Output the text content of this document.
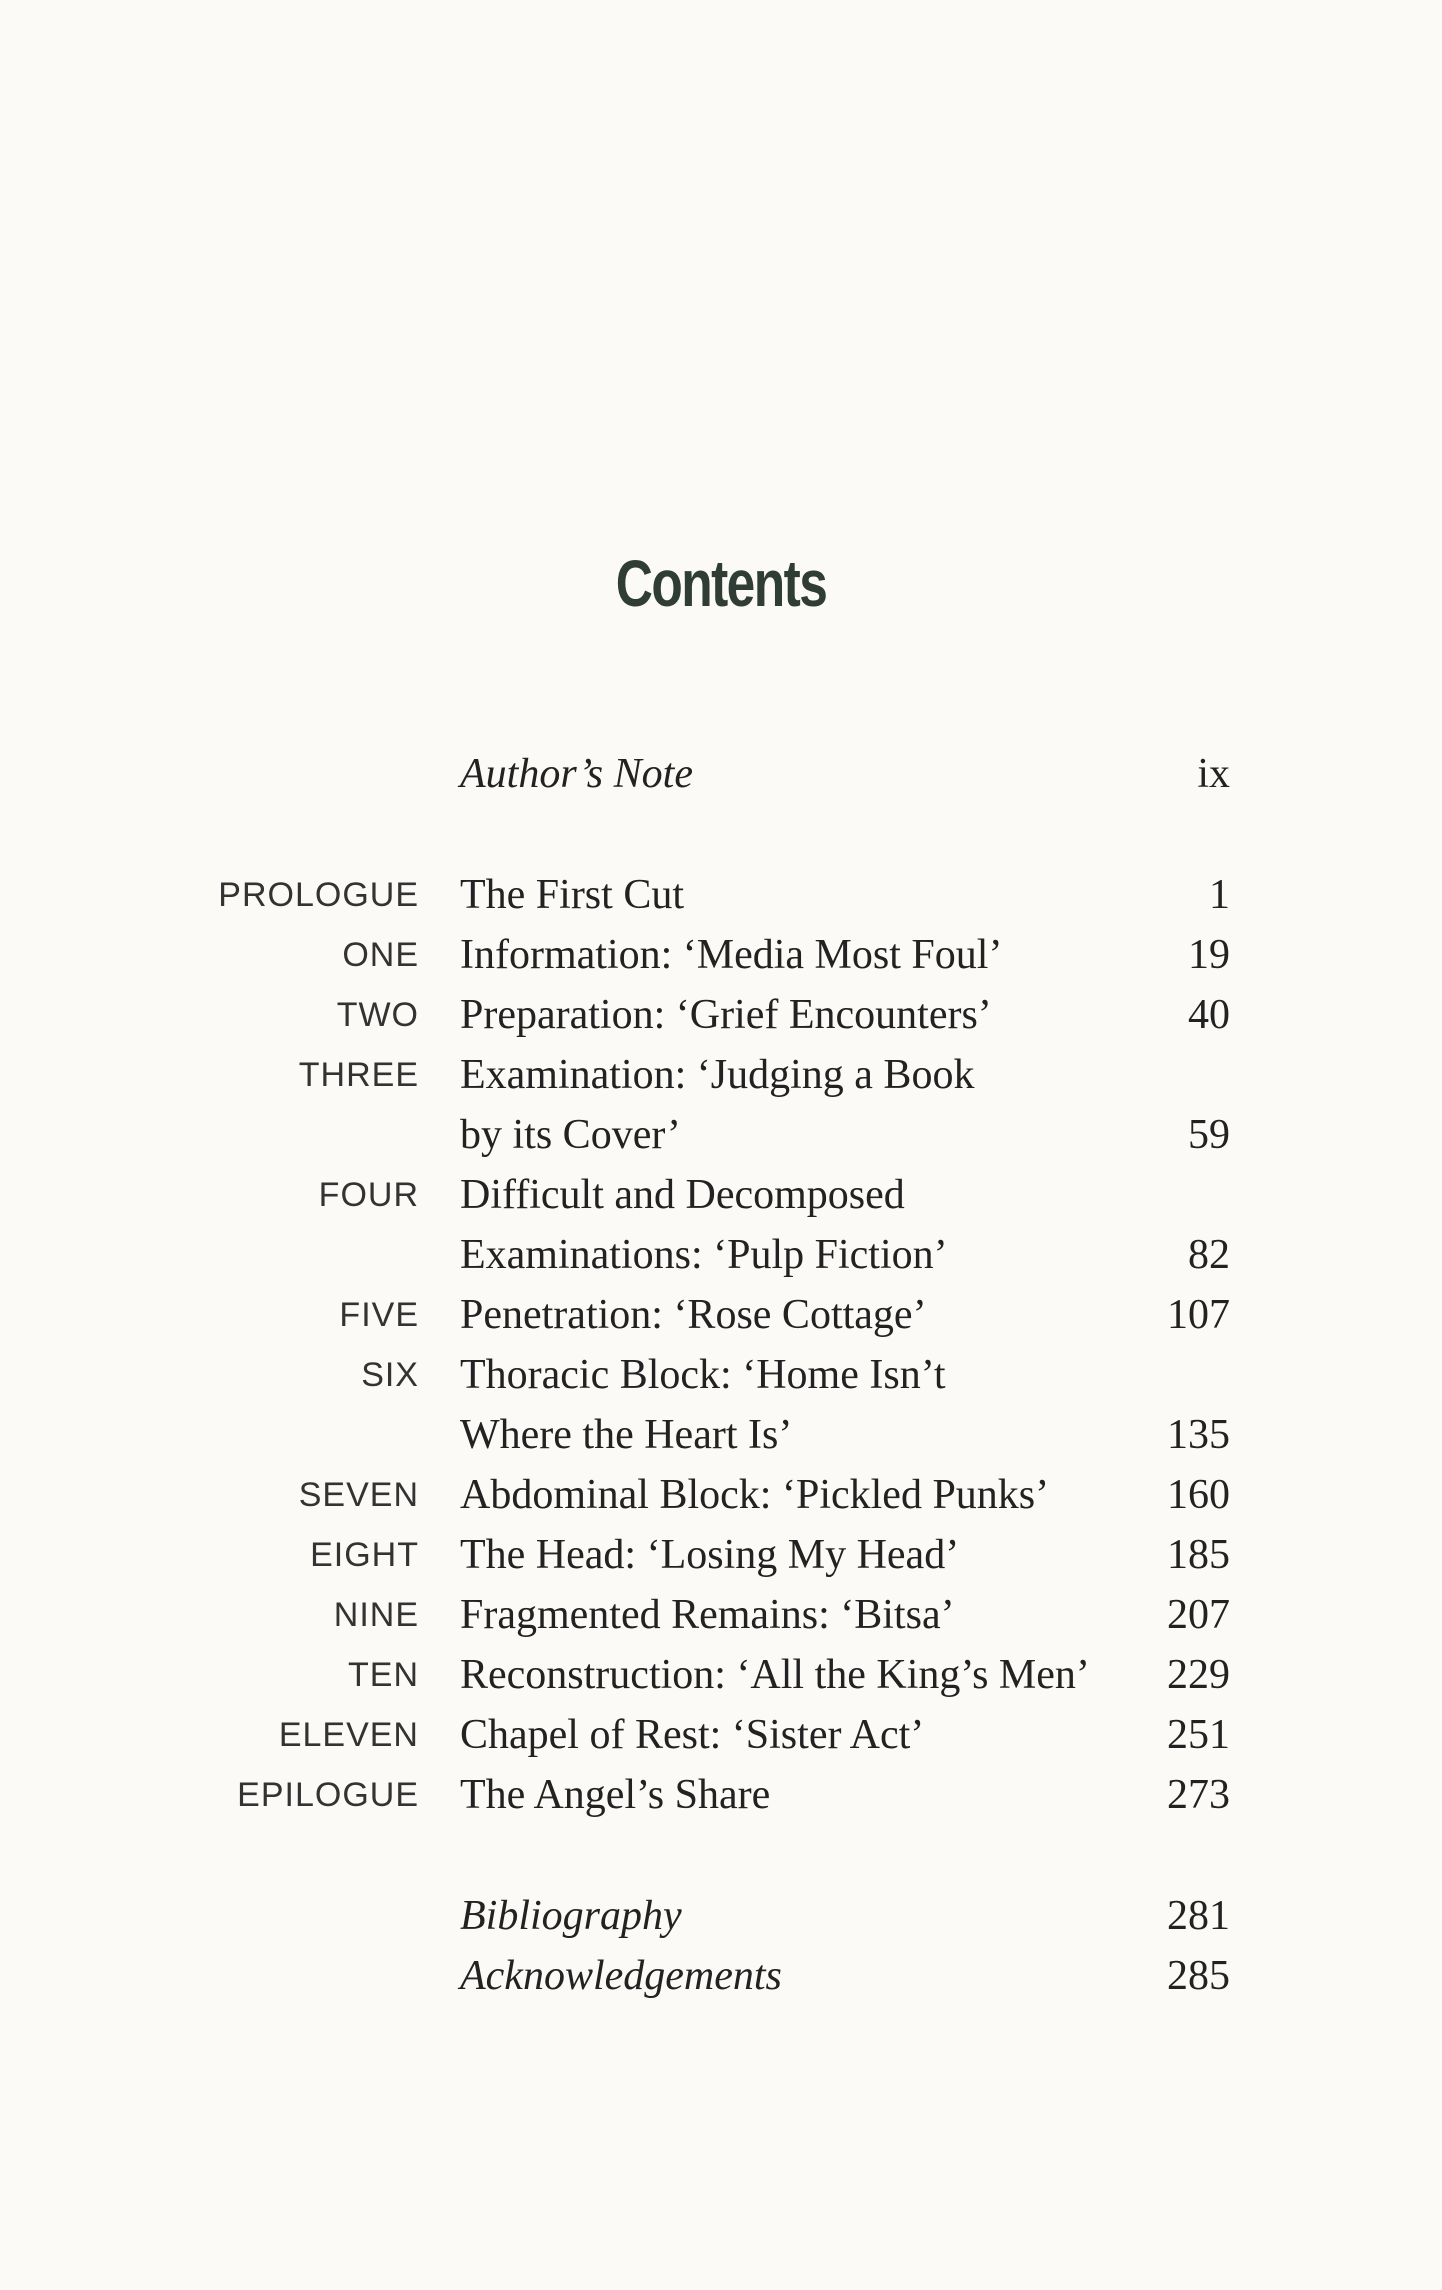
Contents
Author’s Note	ix
PROLOGUE The First Cut	1
ONE Information: ‘Media Most Foul’	19
TWO Preparation: ‘Grief Encounters’	40
THREE Examination: ‘Judging a Book
by its Cover’	59
FOUR Difficult and Decomposed
Examinations: ‘Pulp Fiction’	82
FIVE Penetration: ‘Rose Cottage’	107
SIX Thoracic Block: ‘Home Isn’t
Where the Heart Is’	135
SEVEN Abdominal Block: ‘Pickled Punks’	160
EIGHT The Head: ‘Losing My Head’	185
NINE Fragmented Remains: ‘Bitsa’	207
TEN Reconstruction: ‘All the King’s Men’ 229
ELEVEN Chapel of Rest: ‘Sister Act’	251
EPILOGUE The Angel’s Share	273
Bibliography	281
Acknowledgements	285
